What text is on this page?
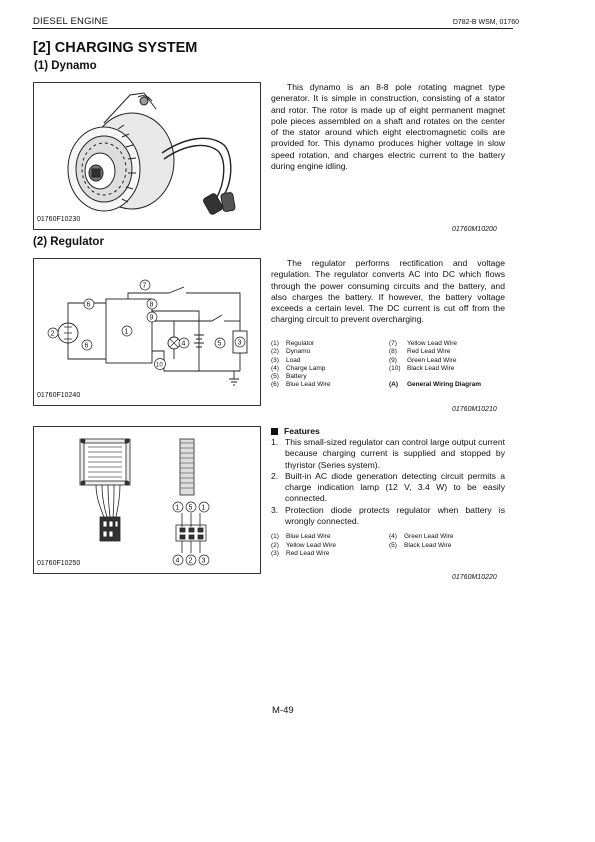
DIESEL ENGINE	D782-B WSM, 01760
[2] CHARGING SYSTEM
(1) Dynamo
01760F10230

This dynamo is an 8-8 pole rotating magnet type generator. It is simple in construction, consisting of a stator and rotor. The rotor is made up of eight permanent magnet pole pieces assembled on a shaft and rotates on the center of the stator around which eight electromagnetic coils are provided for. This dynamo produces higher voltage in slow speed rotation, and charges electric current to the battery during engine idling.

01760M10200
(2) Regulator
7
6	8
9
1
2
6	4	5 3
10
01760F10240

The regulator performs rectification and voltage regulation. The regulator converts AC into DC which flows through the power consuming circuits and the battery, and also charges the battery. If however, the battery voltage exceeds a certain level. The DC current is cut off from the charging circuit to prevent overcharging.

(1)	Regulator	(7)	Yellow Lead Wire
(2)	Dynamo	(8)	Red Lead Wire
(3)	Load	(9)	Green Lead Wire
(4)	Charge Lamp	(10) Black Lead Wire
(5)	Battery
(6)	Blue Lead Wire	(A)	General Wiring Diagram
01760M10210
1 5 1
4 2 3
01760F10250
Features
1. This small-sized regulator can control large output current because charging current is supplied and stopped by thyristor (Series system).
2. Built-in AC diode generation detecting circuit permits a charge indication lamp (12 V, 3.4 W) to be easily connected.
3. Protection diode protects regulator when battery is wrongly connected.
(1)	Blue Lead Wire	(4)	Green Lead Wire
(2)	Yellow Lead Wire	(5)	Black Lead Wire
(3)	Red Lead Wire
01760M10220
M-49
